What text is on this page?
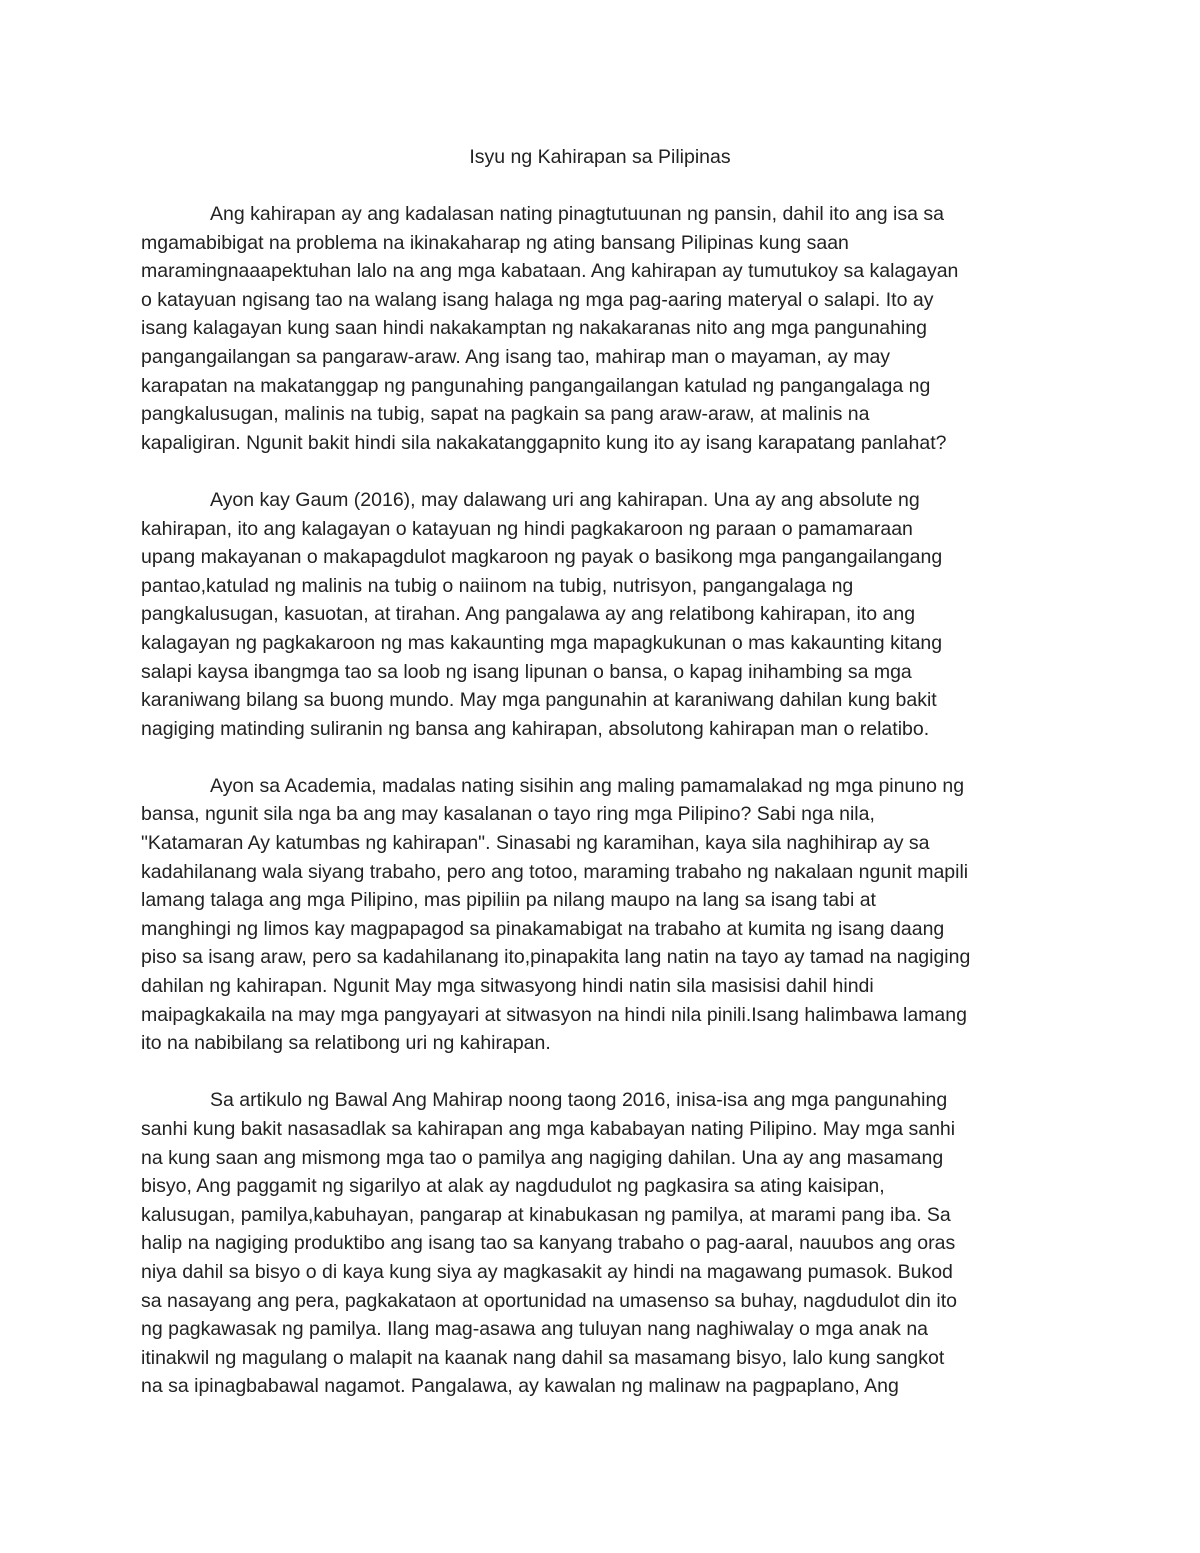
Isyu ng Kahirapan sa Pilipinas
Ang kahirapan ay ang kadalasan nating pinagtutuunan ng pansin, dahil ito ang isa sa
mgamabibigat na problema na ikinakaharap ng ating bansang Pilipinas kung saan
maramingnaaapektuhan lalo na ang mga kabataan. Ang kahirapan ay tumutukoy sa kalagayan
o katayuan ngisang tao na walang isang halaga ng mga pag-aaring materyal o salapi. Ito ay
isang kalagayan kung saan hindi nakakamptan ng nakakaranas nito ang mga pangunahing
pangangailangan sa pangaraw-araw. Ang isang tao, mahirap man o mayaman, ay may
karapatan na makatanggap ng pangunahing pangangailangan katulad ng pangangalaga ng
pangkalusugan, malinis na tubig, sapat na pagkain sa pang araw-araw, at malinis na
kapaligiran. Ngunit bakit hindi sila nakakatanggapnito kung ito ay isang karapatang panlahat?
Ayon kay Gaum (2016), may dalawang uri ang kahirapan. Una ay ang absolute ng
kahirapan, ito ang kalagayan o katayuan ng hindi pagkakaroon ng paraan o pamamaraan
upang makayanan o makapagdulot magkaroon ng payak o basikong mga pangangailangang
pantao,katulad ng malinis na tubig o naiinom na tubig, nutrisyon, pangangalaga ng
pangkalusugan, kasuotan, at tirahan. Ang pangalawa ay ang relatibong kahirapan, ito ang
kalagayan ng pagkakaroon ng mas kakaunting mga mapagkukunan o mas kakaunting kitang
salapi kaysa ibangmga tao sa loob ng isang lipunan o bansa, o kapag inihambing sa mga
karaniwang bilang sa buong mundo. May mga pangunahin at karaniwang dahilan kung bakit
nagiging matinding suliranin ng bansa ang kahirapan, absolutong kahirapan man o relatibo.
Ayon sa Academia, madalas nating sisihin ang maling pamamalakad ng mga pinuno ng
bansa, ngunit sila nga ba ang may kasalanan o tayo ring mga Pilipino? Sabi nga nila,
"Katamaran Ay katumbas ng kahirapan". Sinasabi ng karamihan, kaya sila naghihirap ay sa
kadahilanang wala siyang trabaho, pero ang totoo, maraming trabaho ng nakalaan ngunit mapili
lamang talaga ang mga Pilipino, mas pipiliin pa nilang maupo na lang sa isang tabi at
manghingi ng limos kay magpapagod sa pinakamabigat na trabaho at kumita ng isang daang
piso sa isang araw, pero sa kadahilanang ito,pinapakita lang natin na tayo ay tamad na nagiging
dahilan ng kahirapan. Ngunit May mga sitwasyong hindi natin sila masisisi dahil hindi
maipagkakaila na may mga pangyayari at sitwasyon na hindi nila pinili.Isang halimbawa lamang
ito na nabibilang sa relatibong uri ng kahirapan.
Sa artikulo ng Bawal Ang Mahirap noong taong 2016, inisa-isa ang mga pangunahing
sanhi kung bakit nasasadlak sa kahirapan ang mga kababayan nating Pilipino. May mga sanhi
na kung saan ang mismong mga tao o pamilya ang nagiging dahilan. Una ay ang masamang
bisyo, Ang paggamit ng sigarilyo at alak ay nagdudulot ng pagkasira sa ating kaisipan,
kalusugan, pamilya,kabuhayan, pangarap at kinabukasan ng pamilya, at marami pang iba. Sa
halip na nagiging produktibo ang isang tao sa kanyang trabaho o pag-aaral, nauubos ang oras
niya dahil sa bisyo o di kaya kung siya ay magkasakit ay hindi na magawang pumasok. Bukod
sa nasayang ang pera, pagkakataon at oportunidad na umasenso sa buhay, nagdudulot din ito
ng pagkawasak ng pamilya. Ilang mag-asawa ang tuluyan nang naghiwalay o mga anak na
itinakwil ng magulang o malapit na kaanak nang dahil sa masamang bisyo, lalo kung sangkot
na sa ipinagbabawal nagamot. Pangalawa, ay kawalan ng malinaw na pagpaplano, Ang
